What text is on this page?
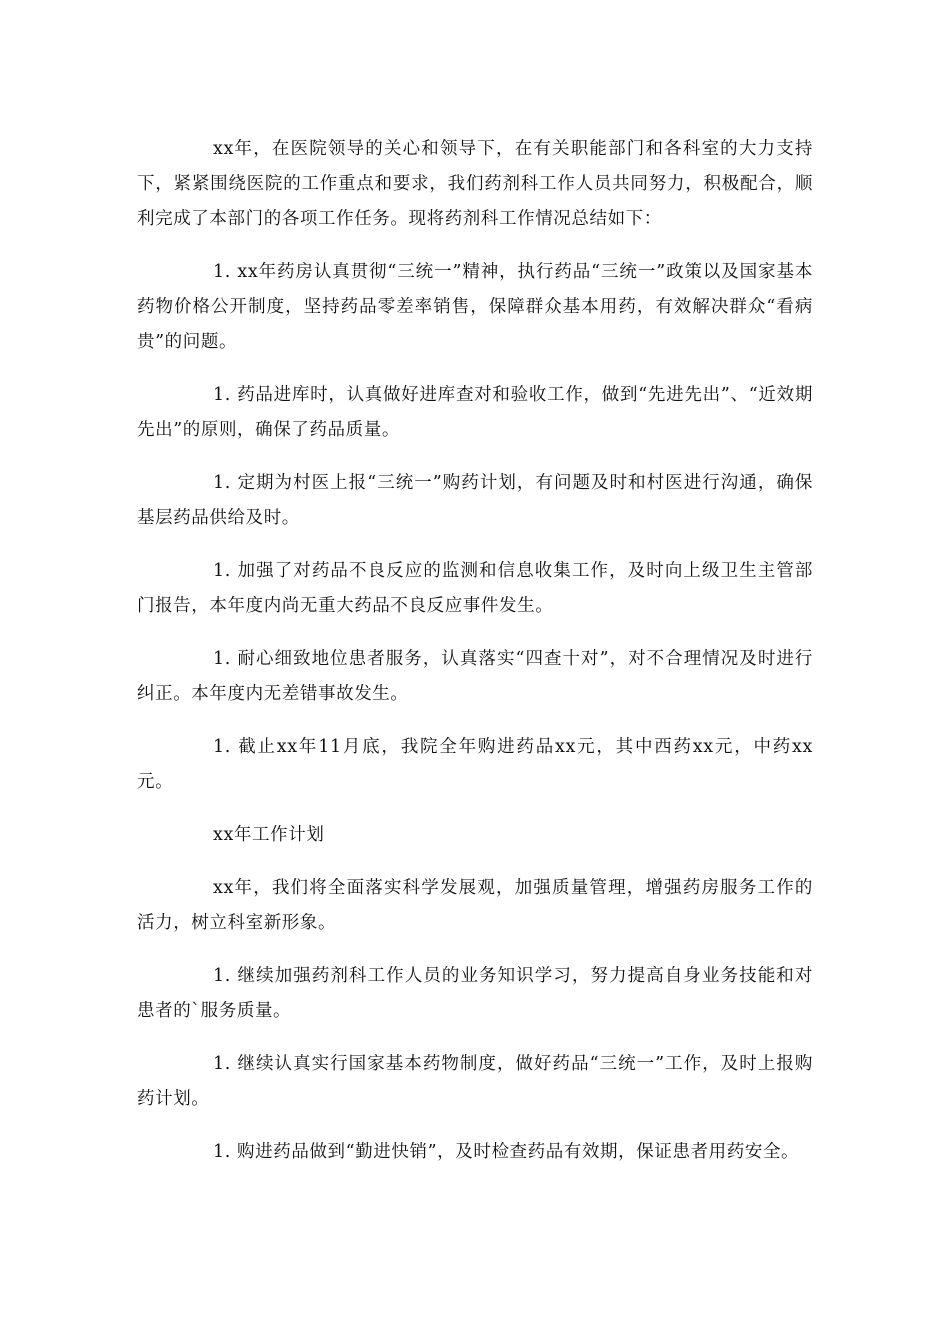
xx年，在医院领导的关心和领导下，在有关职能部门和各科室的大力支持下，紧紧围绕医院的工作重点和要求，我们药剂科工作人员共同努力，积极配合，顺利完成了本部门的各项工作任务。现将药剂科工作情况总结如下：

1. xx年药房认真贯彻“三统一”精神，执行药品“三统一”政策以及国家基本药物价格公开制度，坚持药品零差率销售，保障群众基本用药，有效解决群众“看病贵”的问题。

1. 药品进库时，认真做好进库查对和验收工作，做到“先进先出”、“近效期先出”的原则，确保了药品质量。

1. 定期为村医上报“三统一”购药计划，有问题及时和村医进行沟通，确保基层药品供给及时。

1. 加强了对药品不良反应的监测和信息收集工作，及时向上级卫生主管部门报告，本年度内尚无重大药品不良反应事件发生。

1. 耐心细致地位患者服务，认真落实“四查十对”，对不合理情况及时进行纠正。本年度内无差错事故发生。

1. 截止xx年11月底，我院全年购进药品xx元，其中西药xx元，中药xx元。

xx年工作计划

xx年，我们将全面落实科学发展观，加强质量管理，增强药房服务工作的活力，树立科室新形象。

1. 继续加强药剂科工作人员的业务知识学习，努力提高自身业务技能和对患者的`服务质量。

1. 继续认真实行国家基本药物制度，做好药品“三统一”工作，及时上报购药计划。

1. 购进药品做到“勤进快销”，及时检查药品有效期，保证患者用药安全。
